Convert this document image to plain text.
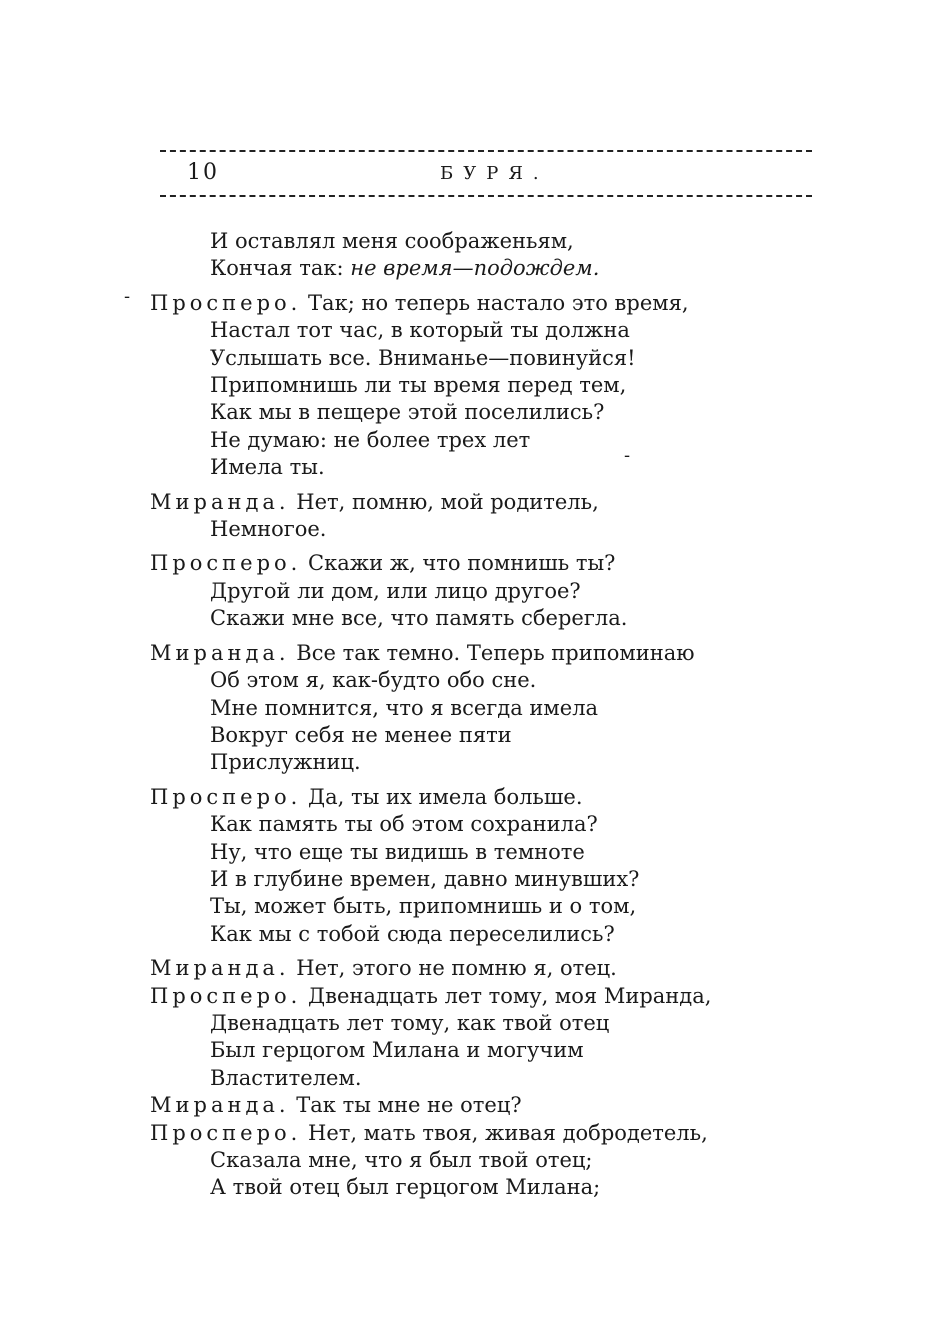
10	БУРЯ.
-
-
И оставлял меня соображеньям,
Кончая так: не время—подождем.
Просперо. Так; но теперь настало это время,
Настал тот час, в который ты должна
Услышать все. Вниманье—повинуйся!
Припомнишь ли ты время перед тем,
Как мы в пещере этой поселились?
Не думаю: не более трех лет
Имела ты.
Миранда. Нет, помню, мой родитель,
Немногое.
Просперо. Скажи ж, что помнишь ты?
Другой ли дом, или лицо другое?
Скажи мне все, что память сберегла.
Миранда. Все так темно. Теперь припоминаю
Об этом я, как-будто обо сне.
Мне помнится, что я всегда имела
Вокруг себя не менее пяти
Прислужниц.
Просперо. Да, ты их имела больше.
Как память ты об этом сохранила?
Ну, что еще ты видишь в темноте
И в глубине времен, давно минувших?
Ты, может быть, припомнишь и о том,
Как мы с тобой сюда переселились?
Миранда. Нет, этого не помню я, отец.
Просперо. Двенадцать лет тому, моя Миранда,
Двенадцать лет тому, как твой отец
Был герцогом Милана и могучим
Властителем.
Миранда. Так ты мне не отец?
Просперо. Нет, мать твоя, живая добродетель,
Сказала мне, что я был твой отец;
А твой отец был герцогом Милана;
